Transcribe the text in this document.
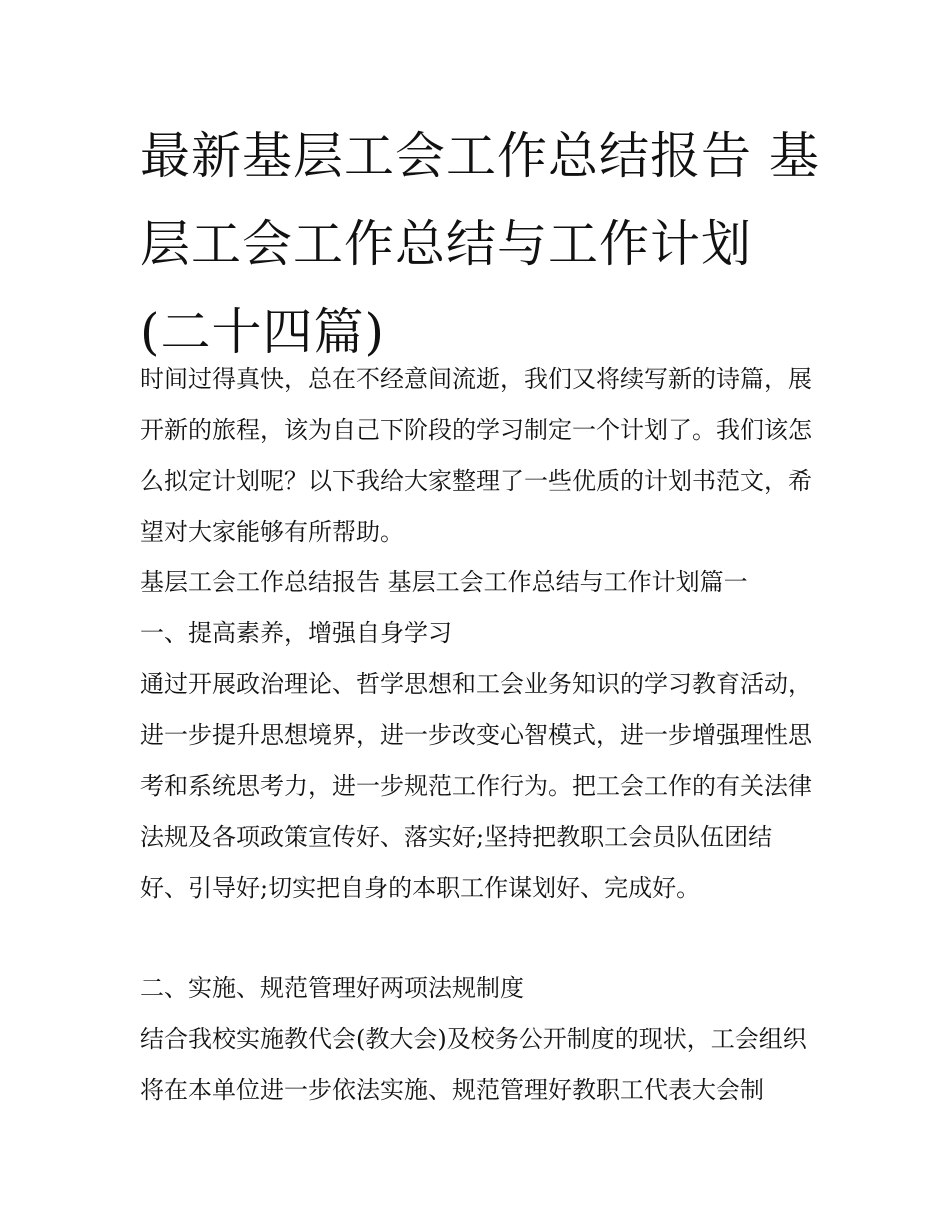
最新基层工会工作总结报告 基层工会工作总结与工作计划(二十四篇)

时间过得真快，总在不经意间流逝，我们又将续写新的诗篇，展开新的旅程，该为自己下阶段的学习制定一个计划了。我们该怎么拟定计划呢？以下我给大家整理了一些优质的计划书范文，希望对大家能够有所帮助。

基层工会工作总结报告 基层工会工作总结与工作计划篇一

一、提高素养，增强自身学习

通过开展政治理论、哲学思想和工会业务知识的学习教育活动，进一步提升思想境界，进一步改变心智模式，进一步增强理性思考和系统思考力，进一步规范工作行为。把工会工作的有关法律法规及各项政策宣传好、落实好;坚持把教职工会员队伍团结好、引导好;切实把自身的本职工作谋划好、完成好。

二、实施、规范管理好两项法规制度

结合我校实施教代会(教大会)及校务公开制度的现状，工会组织将在本单位进一步依法实施、规范管理好教职工代表大会制
